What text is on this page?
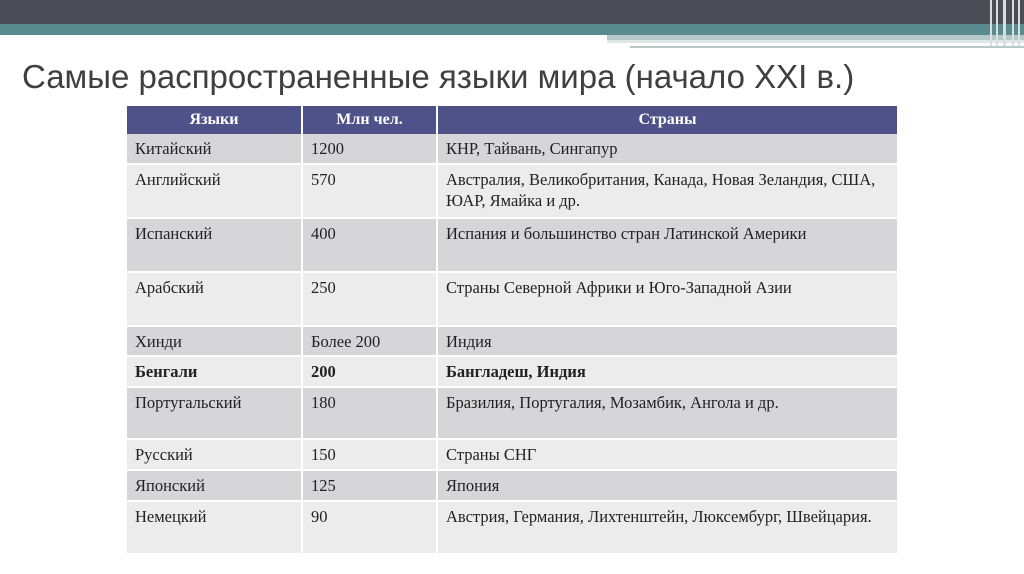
Самые распространенные языки мира (начало XXI в.)
Языки	Млн чел.	Страны
Китайский	1200	КНР, Тайвань, Сингапур
Английский	570	Австралия, Великобритания, Канада, Новая Зеландия, США, ЮАР, Ямайка и др.
Испанский	400	Испания и большинство стран Латинской Америки
Арабский	250	Страны Северной Африки и Юго-Западной Азии
Хинди	Более 200	Индия
Бенгали	200	Бангладеш, Индия
Португальский	180	Бразилия, Португалия, Мозамбик, Ангола и др.
Русский	150	Страны СНГ
Японский	125	Япония
Немецкий	90	Австрия, Германия, Лихтенштейн, Люксембург, Швейцария.
